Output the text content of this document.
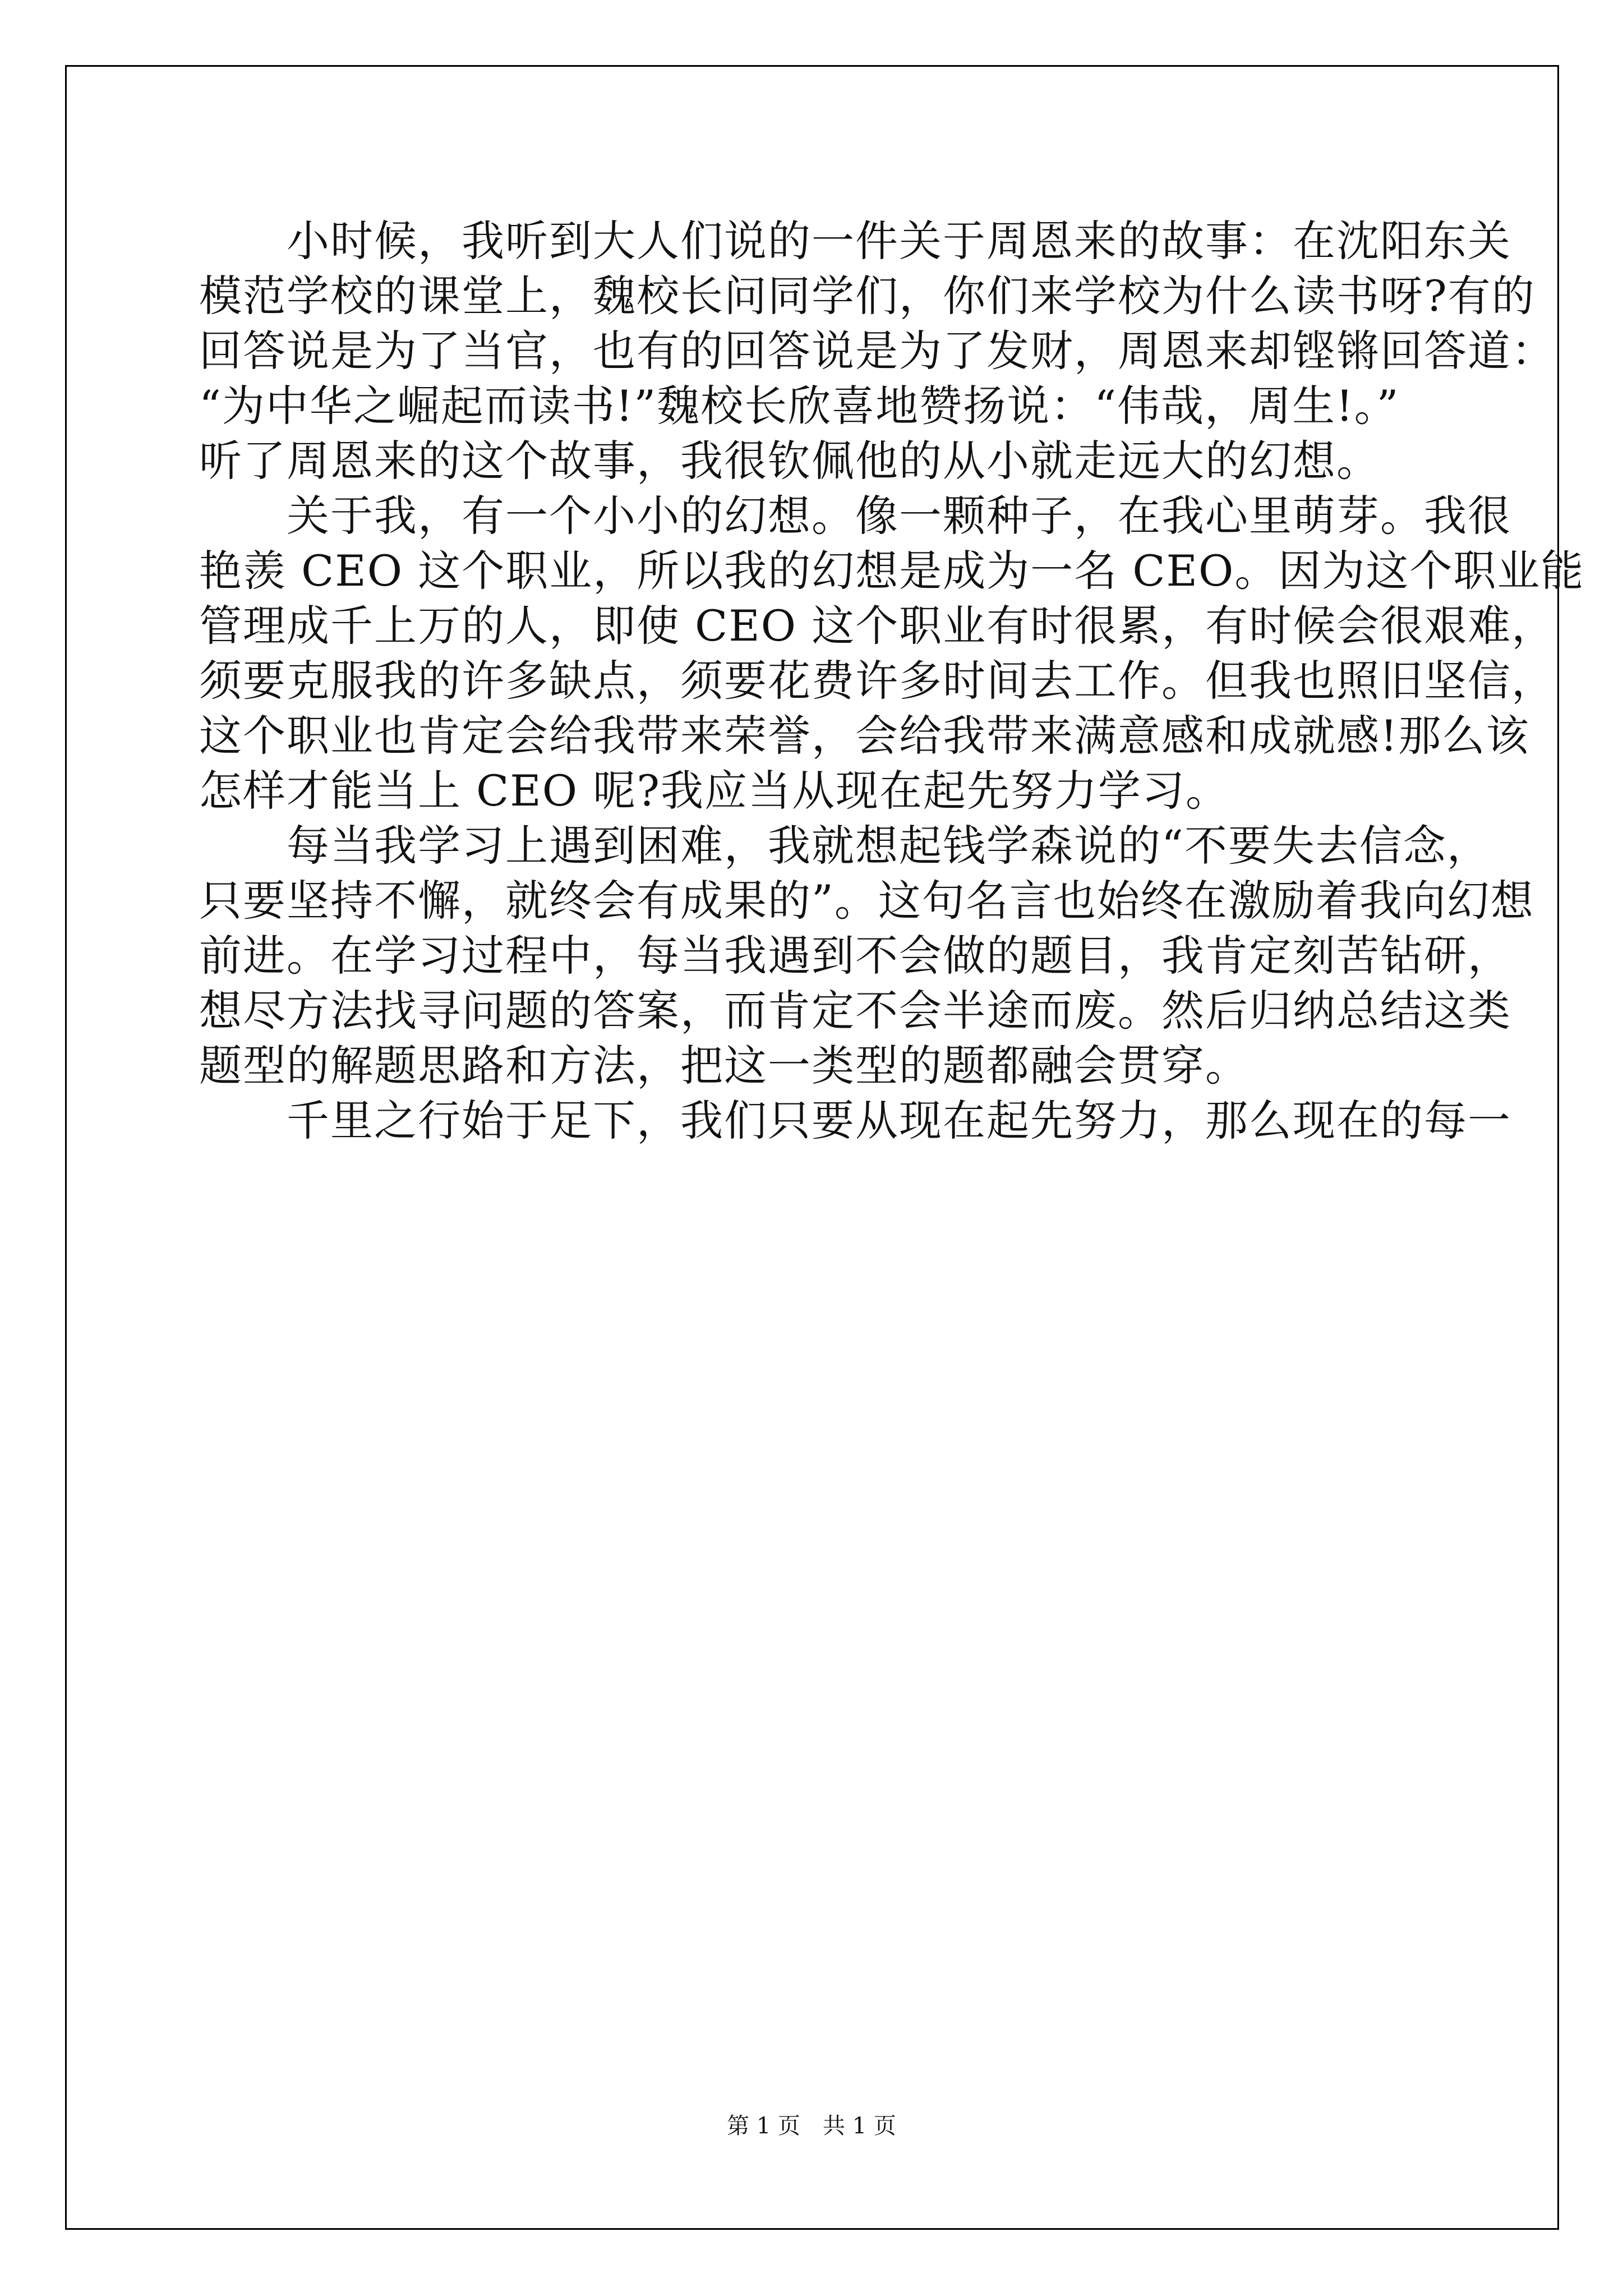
　　小时候，我听到大人们说的一件关于周恩来的故事：在沈阳东关
模范学校的课堂上，魏校长问同学们，你们来学校为什么读书呀?有的
回答说是为了当官，也有的回答说是为了发财，周恩来却铿锵回答道：
“为中华之崛起而读书!”魏校长欣喜地赞扬说：“伟哉，周生!。”
听了周恩来的这个故事，我很钦佩他的从小就走远大的幻想。
　　关于我，有一个小小的幻想。像一颗种子，在我心里萌芽。我很
艳羡 CEO 这个职业，所以我的幻想是成为一名 CEO。因为这个职业能
管理成千上万的人，即使 CEO 这个职业有时很累，有时候会很艰难，
须要克服我的许多缺点，须要花费许多时间去工作。但我也照旧坚信，
这个职业也肯定会给我带来荣誉，会给我带来满意感和成就感!那么该
怎样才能当上 CEO 呢?我应当从现在起先努力学习。
　　每当我学习上遇到困难，我就想起钱学森说的“不要失去信念，
只要坚持不懈，就终会有成果的”。这句名言也始终在激励着我向幻想
前进。在学习过程中，每当我遇到不会做的题目，我肯定刻苦钻研，
想尽方法找寻问题的答案，而肯定不会半途而废。然后归纳总结这类
题型的解题思路和方法，把这一类型的题都融会贯穿。
　　千里之行始于足下，我们只要从现在起先努力，那么现在的每一
第 1 页　共 1 页
